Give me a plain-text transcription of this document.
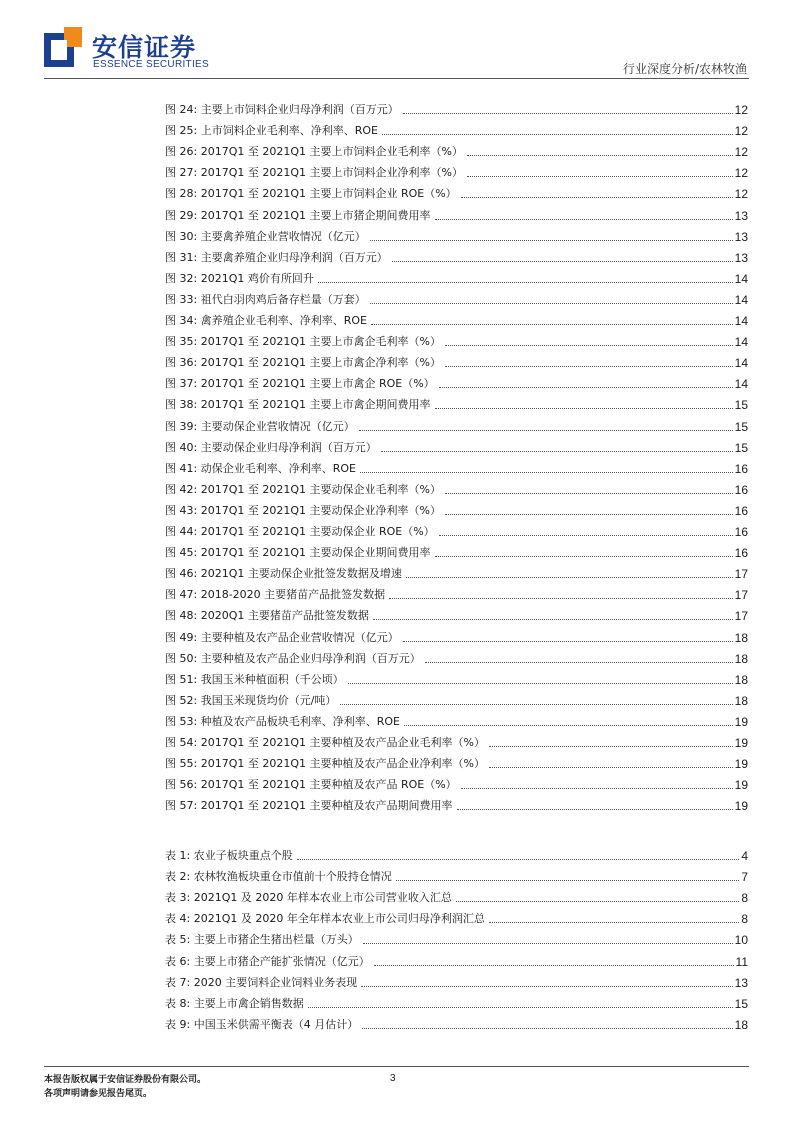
安信证券
ESSENCE SECURITIES	行业深度分析/农林牧渔
图 24: 主要上市饲料企业归母净利润（百万元）	12
图 25: 上市饲料企业毛利率、净利率、ROE	12
图 26: 2017Q1 至 2021Q1 主要上市饲料企业毛利率（%）	12
图 27: 2017Q1 至 2021Q1 主要上市饲料企业净利率（%）	12
图 28: 2017Q1 至 2021Q1 主要上市饲料企业 ROE（%）	12
图 29: 2017Q1 至 2021Q1 主要上市猪企期间费用率	13
图 30: 主要禽养殖企业营收情况（亿元）	13
图 31: 主要禽养殖企业归母净利润（百万元）	13
图 32: 2021Q1 鸡价有所回升	14
图 33: 祖代白羽肉鸡后备存栏量（万套）	14
图 34: 禽养殖企业毛利率、净利率、ROE	14
图 35: 2017Q1 至 2021Q1 主要上市禽企毛利率（%）	14
图 36: 2017Q1 至 2021Q1 主要上市禽企净利率（%）	14
图 37: 2017Q1 至 2021Q1 主要上市禽企 ROE（%）	14
图 38: 2017Q1 至 2021Q1 主要上市禽企期间费用率	15
图 39: 主要动保企业营收情况（亿元）	15
图 40: 主要动保企业归母净利润（百万元）	15
图 41: 动保企业毛利率、净利率、ROE	16
图 42: 2017Q1 至 2021Q1 主要动保企业毛利率（%）	16
图 43: 2017Q1 至 2021Q1 主要动保企业净利率（%）	16
图 44: 2017Q1 至 2021Q1 主要动保企业 ROE（%）	16
图 45: 2017Q1 至 2021Q1 主要动保企业期间费用率	16
图 46: 2021Q1 主要动保企业批签发数据及增速	17
图 47: 2018-2020 主要猪苗产品批签发数据	17
图 48: 2020Q1 主要猪苗产品批签发数据	17
图 49: 主要种植及农产品企业营收情况（亿元）	18
图 50: 主要种植及农产品企业归母净利润（百万元）	18
图 51: 我国玉米种植面积（千公顷）	18
图 52: 我国玉米现货均价（元/吨）	18
图 53: 种植及农产品板块毛利率、净利率、ROE	19
图 54: 2017Q1 至 2021Q1 主要种植及农产品企业毛利率（%）	19
图 55: 2017Q1 至 2021Q1 主要种植及农产品企业净利率（%）	19
图 56: 2017Q1 至 2021Q1 主要种植及农产品 ROE（%）	19
图 57: 2017Q1 至 2021Q1 主要种植及农产品期间费用率	19
表 1: 农业子板块重点个股	4
表 2: 农林牧渔板块重仓市值前十个股持仓情况	7
表 3: 2021Q1 及 2020 年样本农业上市公司营业收入汇总	8
表 4: 2021Q1 及 2020 年全年样本农业上市公司归母净利润汇总	8
表 5: 主要上市猪企生猪出栏量（万头）	10
表 6: 主要上市猪企产能扩张情况（亿元）	11
表 7: 2020 主要饲料企业饲料业务表现	13
表 8: 主要上市禽企销售数据	15
表 9: 中国玉米供需平衡表（4 月估计）	18
本报告版权属于安信证券股份有限公司。
各项声明请参见报告尾页。
3
